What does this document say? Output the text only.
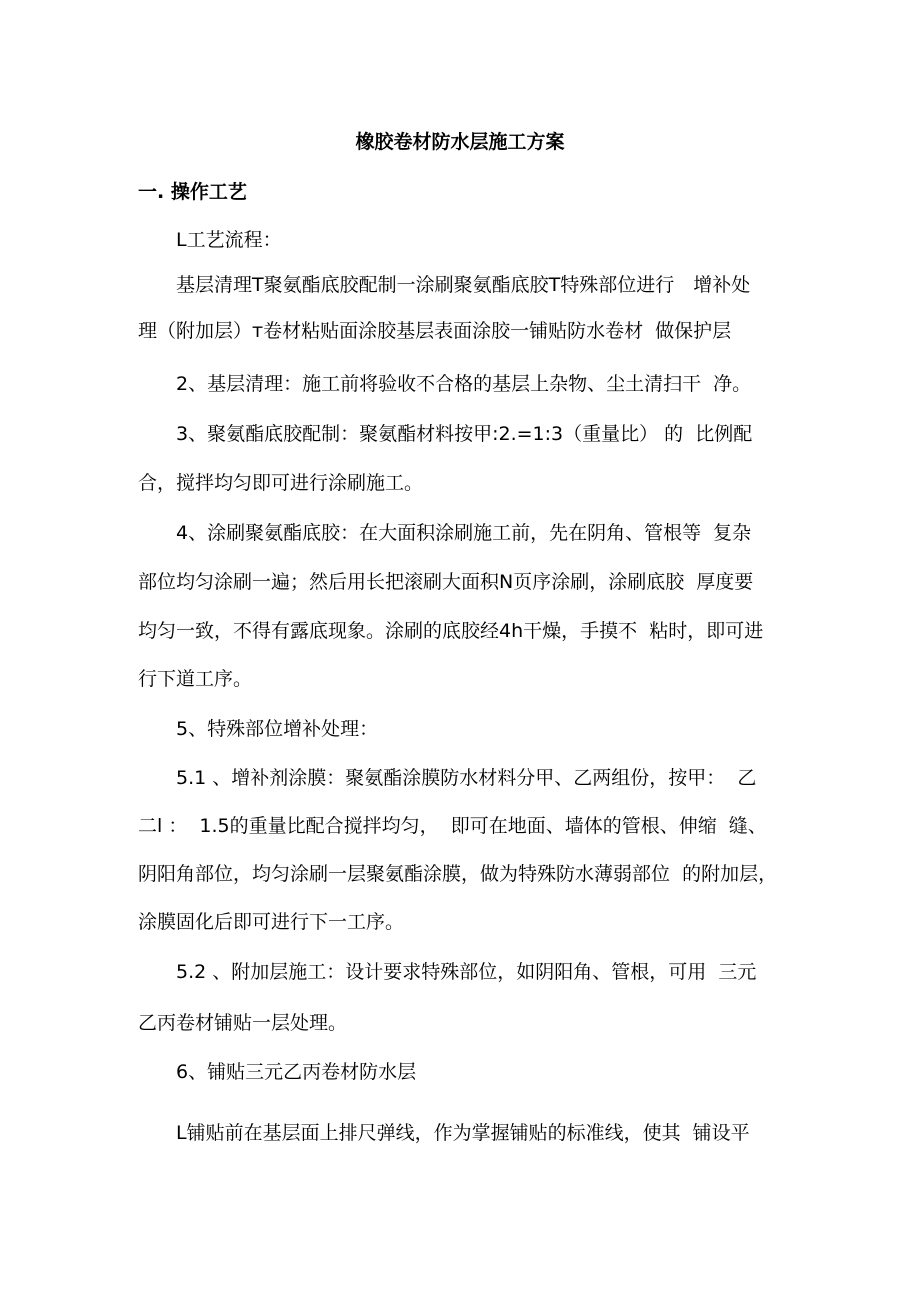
橡胶卷材防水层施工方案
一. 操作工艺
L工艺流程：
基层清理T聚氨酯底胶配制一涂刷聚氨酯底胶T特殊部位进行　增补处
理（附加层）т卷材粘贴面涂胶基层表面涂胶一铺贴防水卷材  做保护层
2、基层清理：施工前将验收不合格的基层上杂物、尘土清扫干  净。
3、聚氨酯底胶配制：聚氨酯材料按甲:2.=1:3（重量比） 的  比例配
合，搅拌均匀即可进行涂刷施工。
4、涂刷聚氨酯底胶：在大面积涂刷施工前，先在阴角、管根等  复杂
部位均匀涂刷一遍；然后用长把滚刷大面积N页序涂刷，涂刷底胶  厚度要
均匀一致，不得有露底现象。涂刷的底胶经4h干燥，手摸不  粘时，即可进
行下道工序。
5、特殊部位增补处理：
5.1 、增补剂涂膜：聚氨酯涂膜防水材料分甲、乙两组份，按甲：  乙
二l ：  1.5的重量比配合搅拌均匀，  即可在地面、墙体的管根、伸缩  缝、
阴阳角部位，均匀涂刷一层聚氨酯涂膜，做为特殊防水薄弱部位  的附加层，
涂膜固化后即可进行下一工序。
5.2 、附加层施工：设计要求特殊部位，如阴阳角、管根，可用  三元
乙丙卷材铺贴一层处理。
6、铺贴三元乙丙卷材防水层
L铺贴前在基层面上排尺弹线，作为掌握铺贴的标准线，使其  铺设平
